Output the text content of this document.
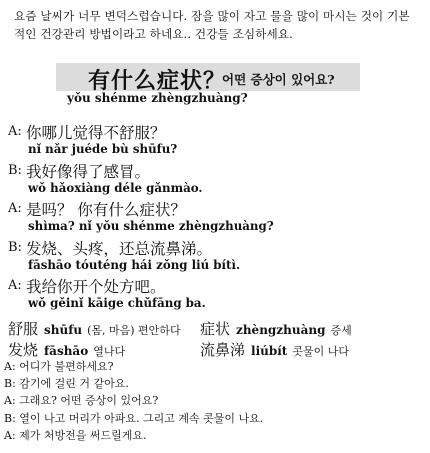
요즘 날씨가 너무 변덕스럽습니다. 잠을 많이 자고 물을 많이 마시는 것이 기본적인 건강관리 방법이라고 하네요.. 건강들 조심하세요.
有什么症状？
어떤 증상이 있어요?
yǒu shénme zhèngzhuàng?
A: 你哪儿觉得不舒服？
nǐ nǎr juéde bù shūfu?
B: 我好像得了感冒。
wǒ hǎoxiàng déle gǎnmào.
A: 是吗？ 你有什么症状？
shìma? nǐ yǒu shénme zhèngzhuàng?
B: 发烧、头疼，还总流鼻涕。
fāshāo tóuténg hái zǒng liú bítì.
A: 我给你开个处方吧。
wǒ gěinǐ kāige chǔfāng ba.
舒服 shūfu (몸, 마음) 편안하다 症状 zhèngzhuàng 증세
发烧 fāshāo 열나다	流鼻涕 liúbít 콧물이 나다
A: 어디가 불편하세요?
B: 감기에 걸린 거 같아요.
A: 그래요? 어떤 증상이 있어요?
B: 열이 나고 머리가 아파요. 그리고 계속 콧물이 나요.
A: 제가 처방전을 써드릴게요.
